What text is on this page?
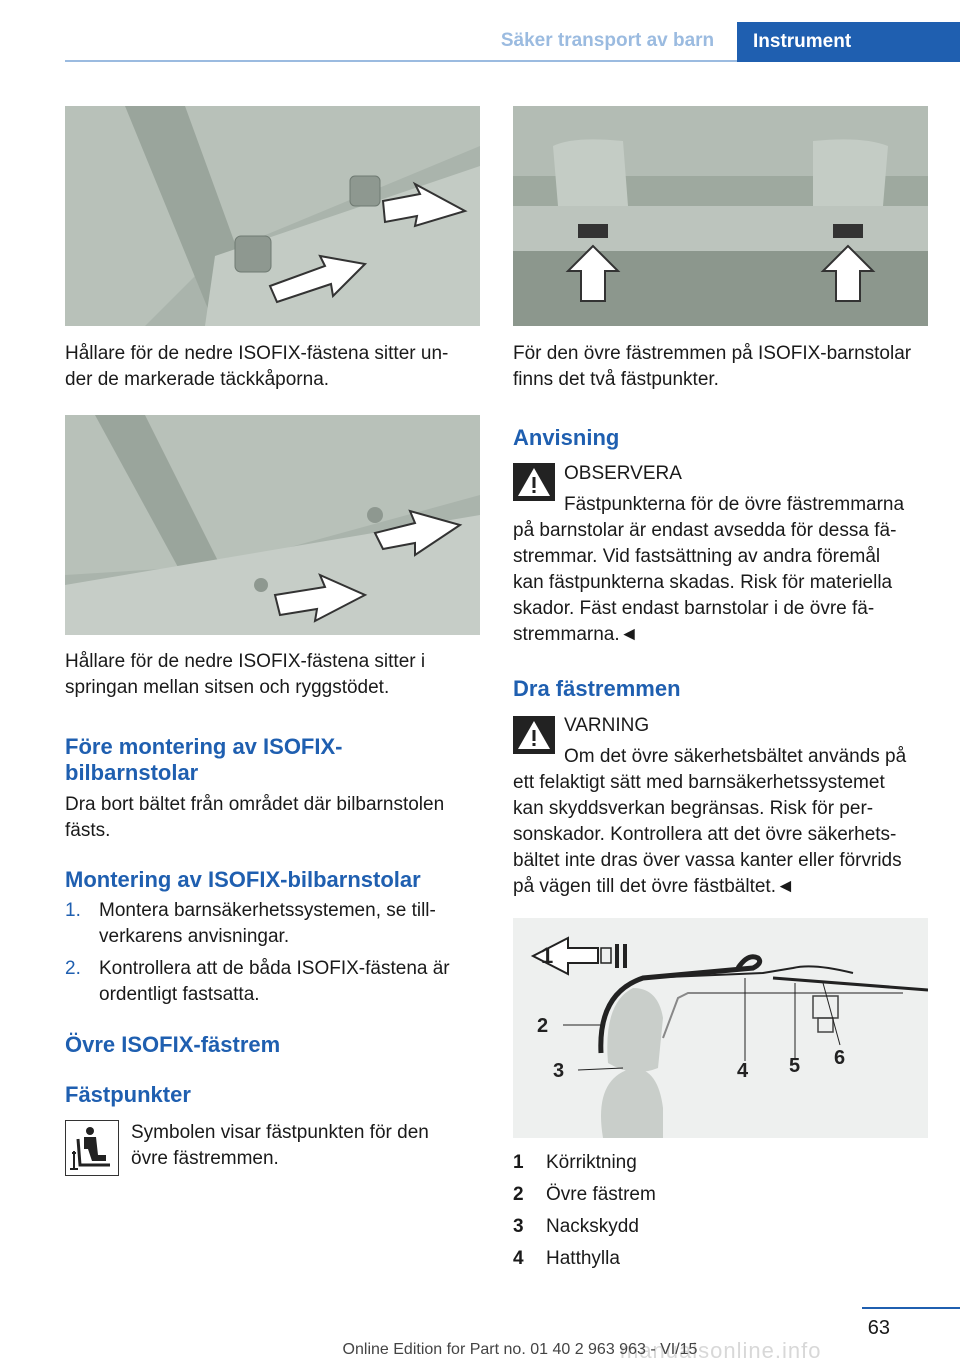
Säker transport av barn	Instrument
Hållare för de nedre ISOFIX-fästena sitter un-
der de markerade täckkåporna.
Hållare för de nedre ISOFIX-fästena sitter i
springan mellan sitsen och ryggstödet.
Före montering av ISOFIX-
bilbarnstolar
Dra bort bältet från området där bilbarnstolen
fästs.
Montering av ISOFIX-bilbarnstolar
1. Montera barnsäkerhetssystemen, se till-
verkarens anvisningar.
2. Kontrollera att de båda ISOFIX-fästena är
ordentligt fastsatta.
Övre ISOFIX-fästrem
Fästpunkter
Symbolen visar fästpunkten för den
övre fästremmen.
För den övre fästremmen på ISOFIX-barnstolar
finns det två fästpunkter.
Anvisning
OBSERVERA
Fästpunkterna för de övre fästremmarna
på barnstolar är endast avsedda för dessa fä-
stremmar. Vid fastsättning av andra föremål
kan fästpunkterna skadas. Risk för materiella
skador. Fäst endast barnstolar i de övre fä-
stremmarna.◄
Dra fästremmen
VARNING
Om det övre säkerhetsbältet används på
ett felaktigt sätt med barnsäkerhetssystemet
kan skyddsverkan begränsas. Risk för per-
sonskador. Kontrollera att det övre säkerhets-
bältet inte dras över vassa kanter eller förvrids
på vägen till det övre fästbältet.◄
1
2
3	4 5 6
1 Körriktning
2 Övre fästrem
3 Nackskydd
4 Hatthylla
63
manualsonline.info
Online Edition for Part no. 01 40 2 963 963 - VI/15
